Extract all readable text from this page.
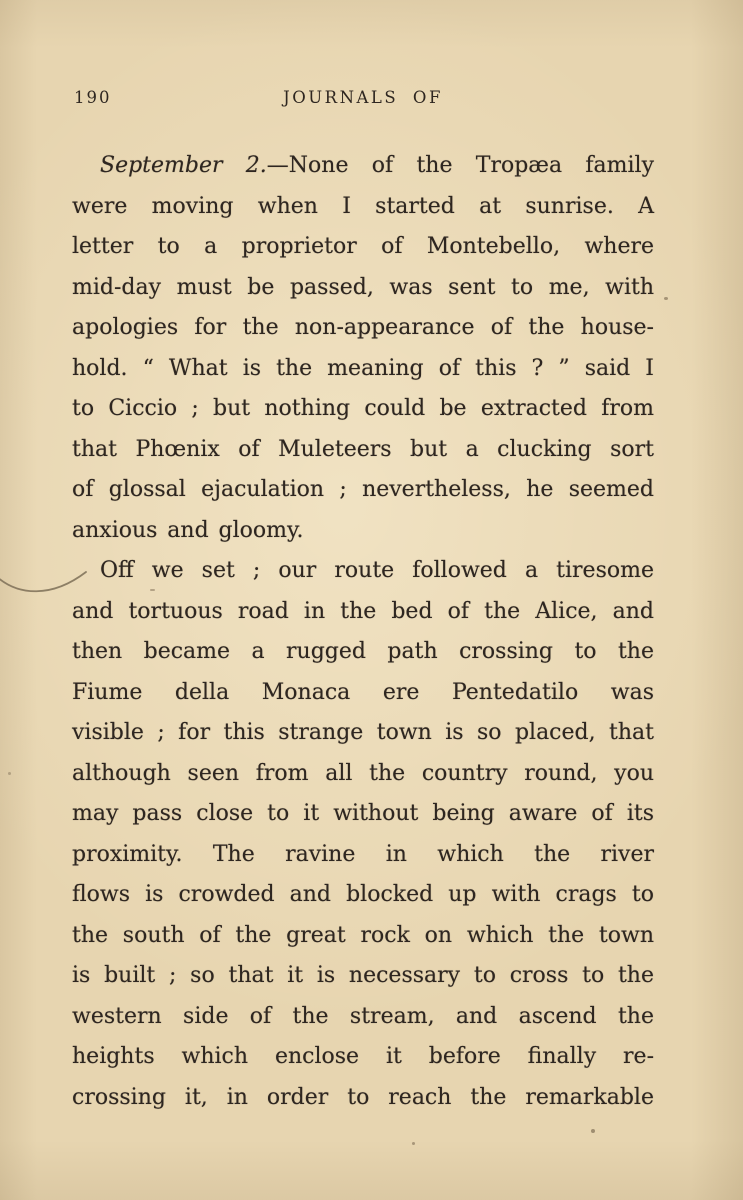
190	JOURNALS OF
September 2.—None of the Tropæa family
were moving when I started at sunrise. A
letter to a proprietor of Montebello, where
mid-day must be passed, was sent to me, with
apologies for the non-appearance of the house-
hold. “ What is the meaning of this ? ” said I
to Ciccio ; but nothing could be extracted from
that Phœnix of Muleteers but a clucking sort
of glossal ejaculation ; nevertheless, he seemed
anxious and gloomy.
Off we set ; our route followed a tiresome
and tortuous road in the bed of the Alice, and
then became a rugged path crossing to the
Fiume della Monaca ere Pentedatilo was
visible ; for this strange town is so placed, that
although seen from all the country round, you
may pass close to it without being aware of its
proximity. The ravine in which the river
flows is crowded and blocked up with crags to
the south of the great rock on which the town
is built ; so that it is necessary to cross to the
western side of the stream, and ascend the
heights which enclose it before finally re-
crossing it, in order to reach the remarkable
